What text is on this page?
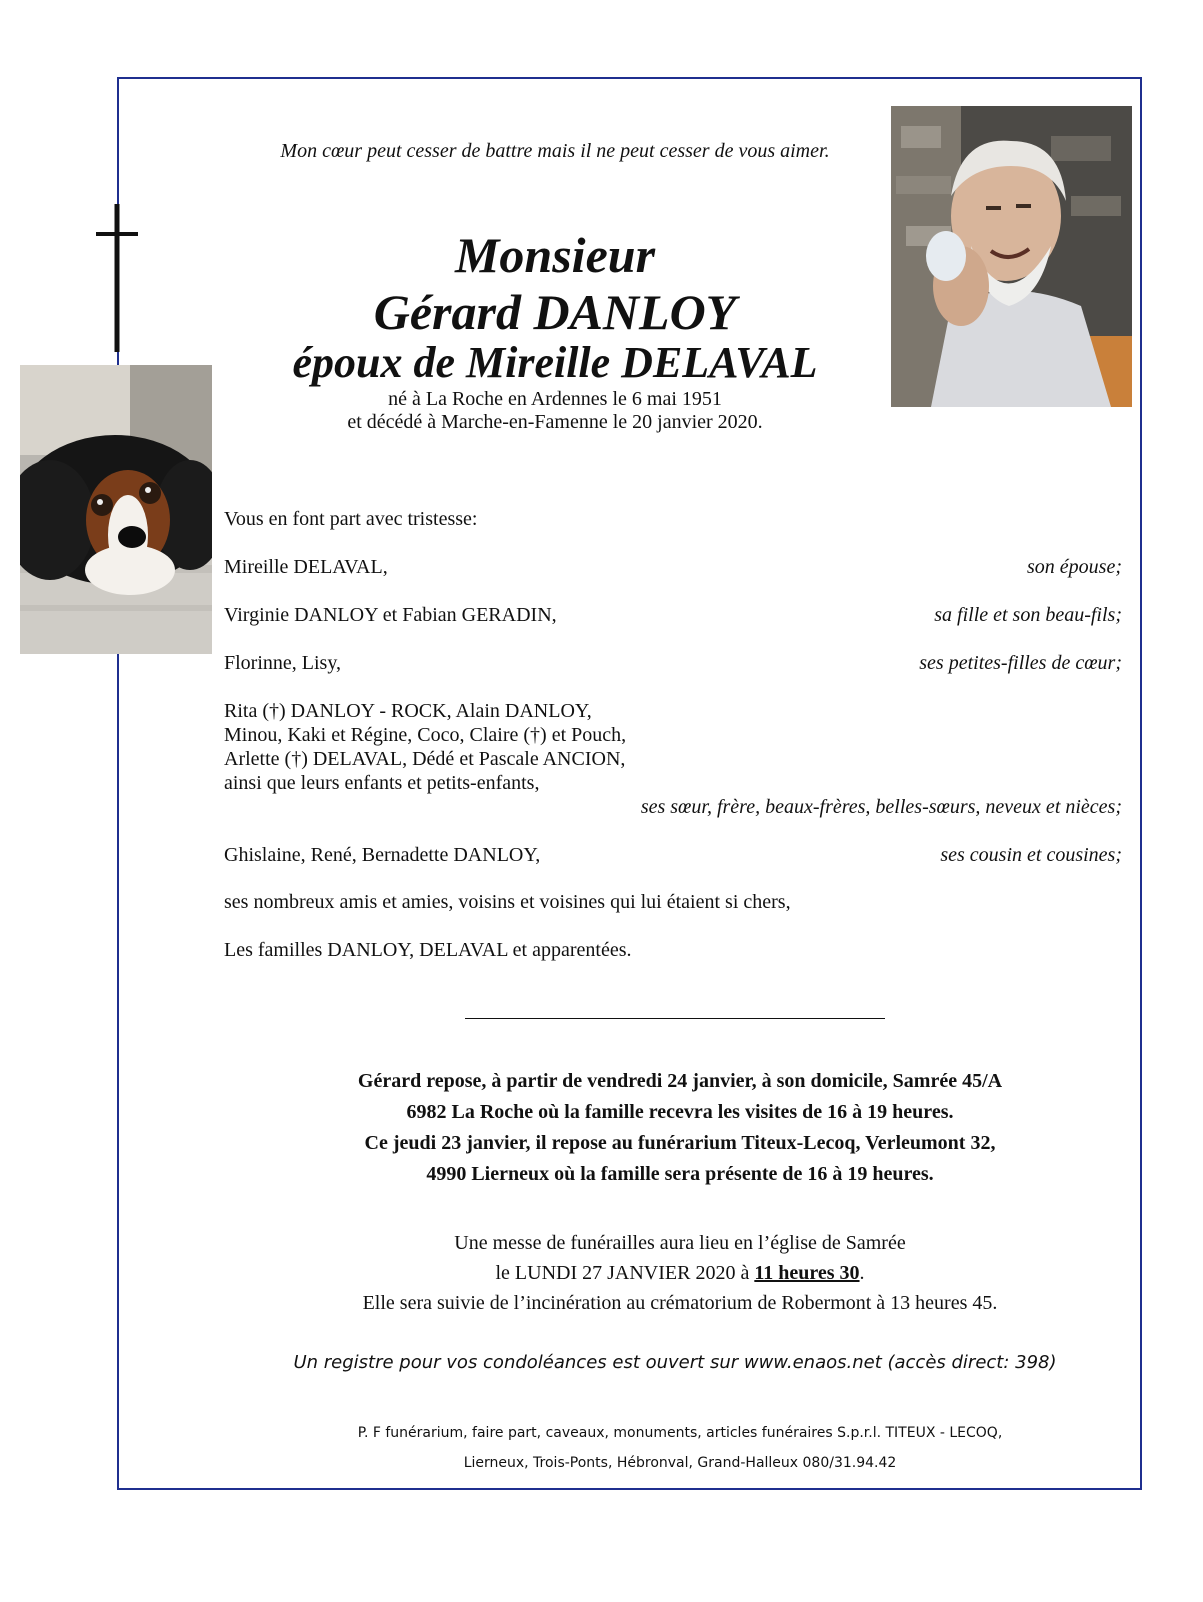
Mon cœur peut cesser de battre mais il ne peut cesser de vous aimer.
Monsieur
Gérard DANLOY
époux de Mireille DELAVAL
né à La Roche en Ardennes le 6 mai 1951
et décédé à Marche-en-Famenne le 20 janvier 2020.
Vous en font part avec tristesse:
Mireille DELAVAL,	son épouse;
Virginie DANLOY et Fabian GERADIN,	sa fille et son beau-fils;
Florinne, Lisy,	ses petites-filles de cœur;
Rita (†) DANLOY - ROCK, Alain DANLOY,
Minou, Kaki et Régine, Coco, Claire (†) et Pouch,
Arlette (†) DELAVAL, Dédé et Pascale ANCION,
ainsi que leurs enfants et petits-enfants,
ses sœur, frère, beaux-frères, belles-sœurs, neveux et nièces;
Ghislaine, René, Bernadette DANLOY,	ses cousin et cousines;
ses nombreux amis et amies, voisins et voisines qui lui étaient si chers,
Les familles DANLOY, DELAVAL et apparentées.
Gérard repose, à partir de vendredi 24 janvier, à son domicile, Samrée 45/A
6982 La Roche où la famille recevra les visites de 16 à 19 heures.
Ce jeudi 23 janvier, il repose au funérarium Titeux-Lecoq, Verleumont 32,
4990 Lierneux où la famille sera présente de 16 à 19 heures.
Une messe de funérailles aura lieu en l’église de Samrée
le LUNDI 27 JANVIER 2020 à 11 heures 30.
Elle sera suivie de l’incinération au crématorium de Robermont à 13 heures 45.
Un registre pour vos condoléances est ouvert sur www.enaos.net (accès direct: 398)
P. F funérarium, faire part, caveaux, monuments, articles funéraires S.p.r.l. TITEUX - LECOQ,
Lierneux, Trois-Ponts, Hébronval, Grand-Halleux 080/31.94.42
